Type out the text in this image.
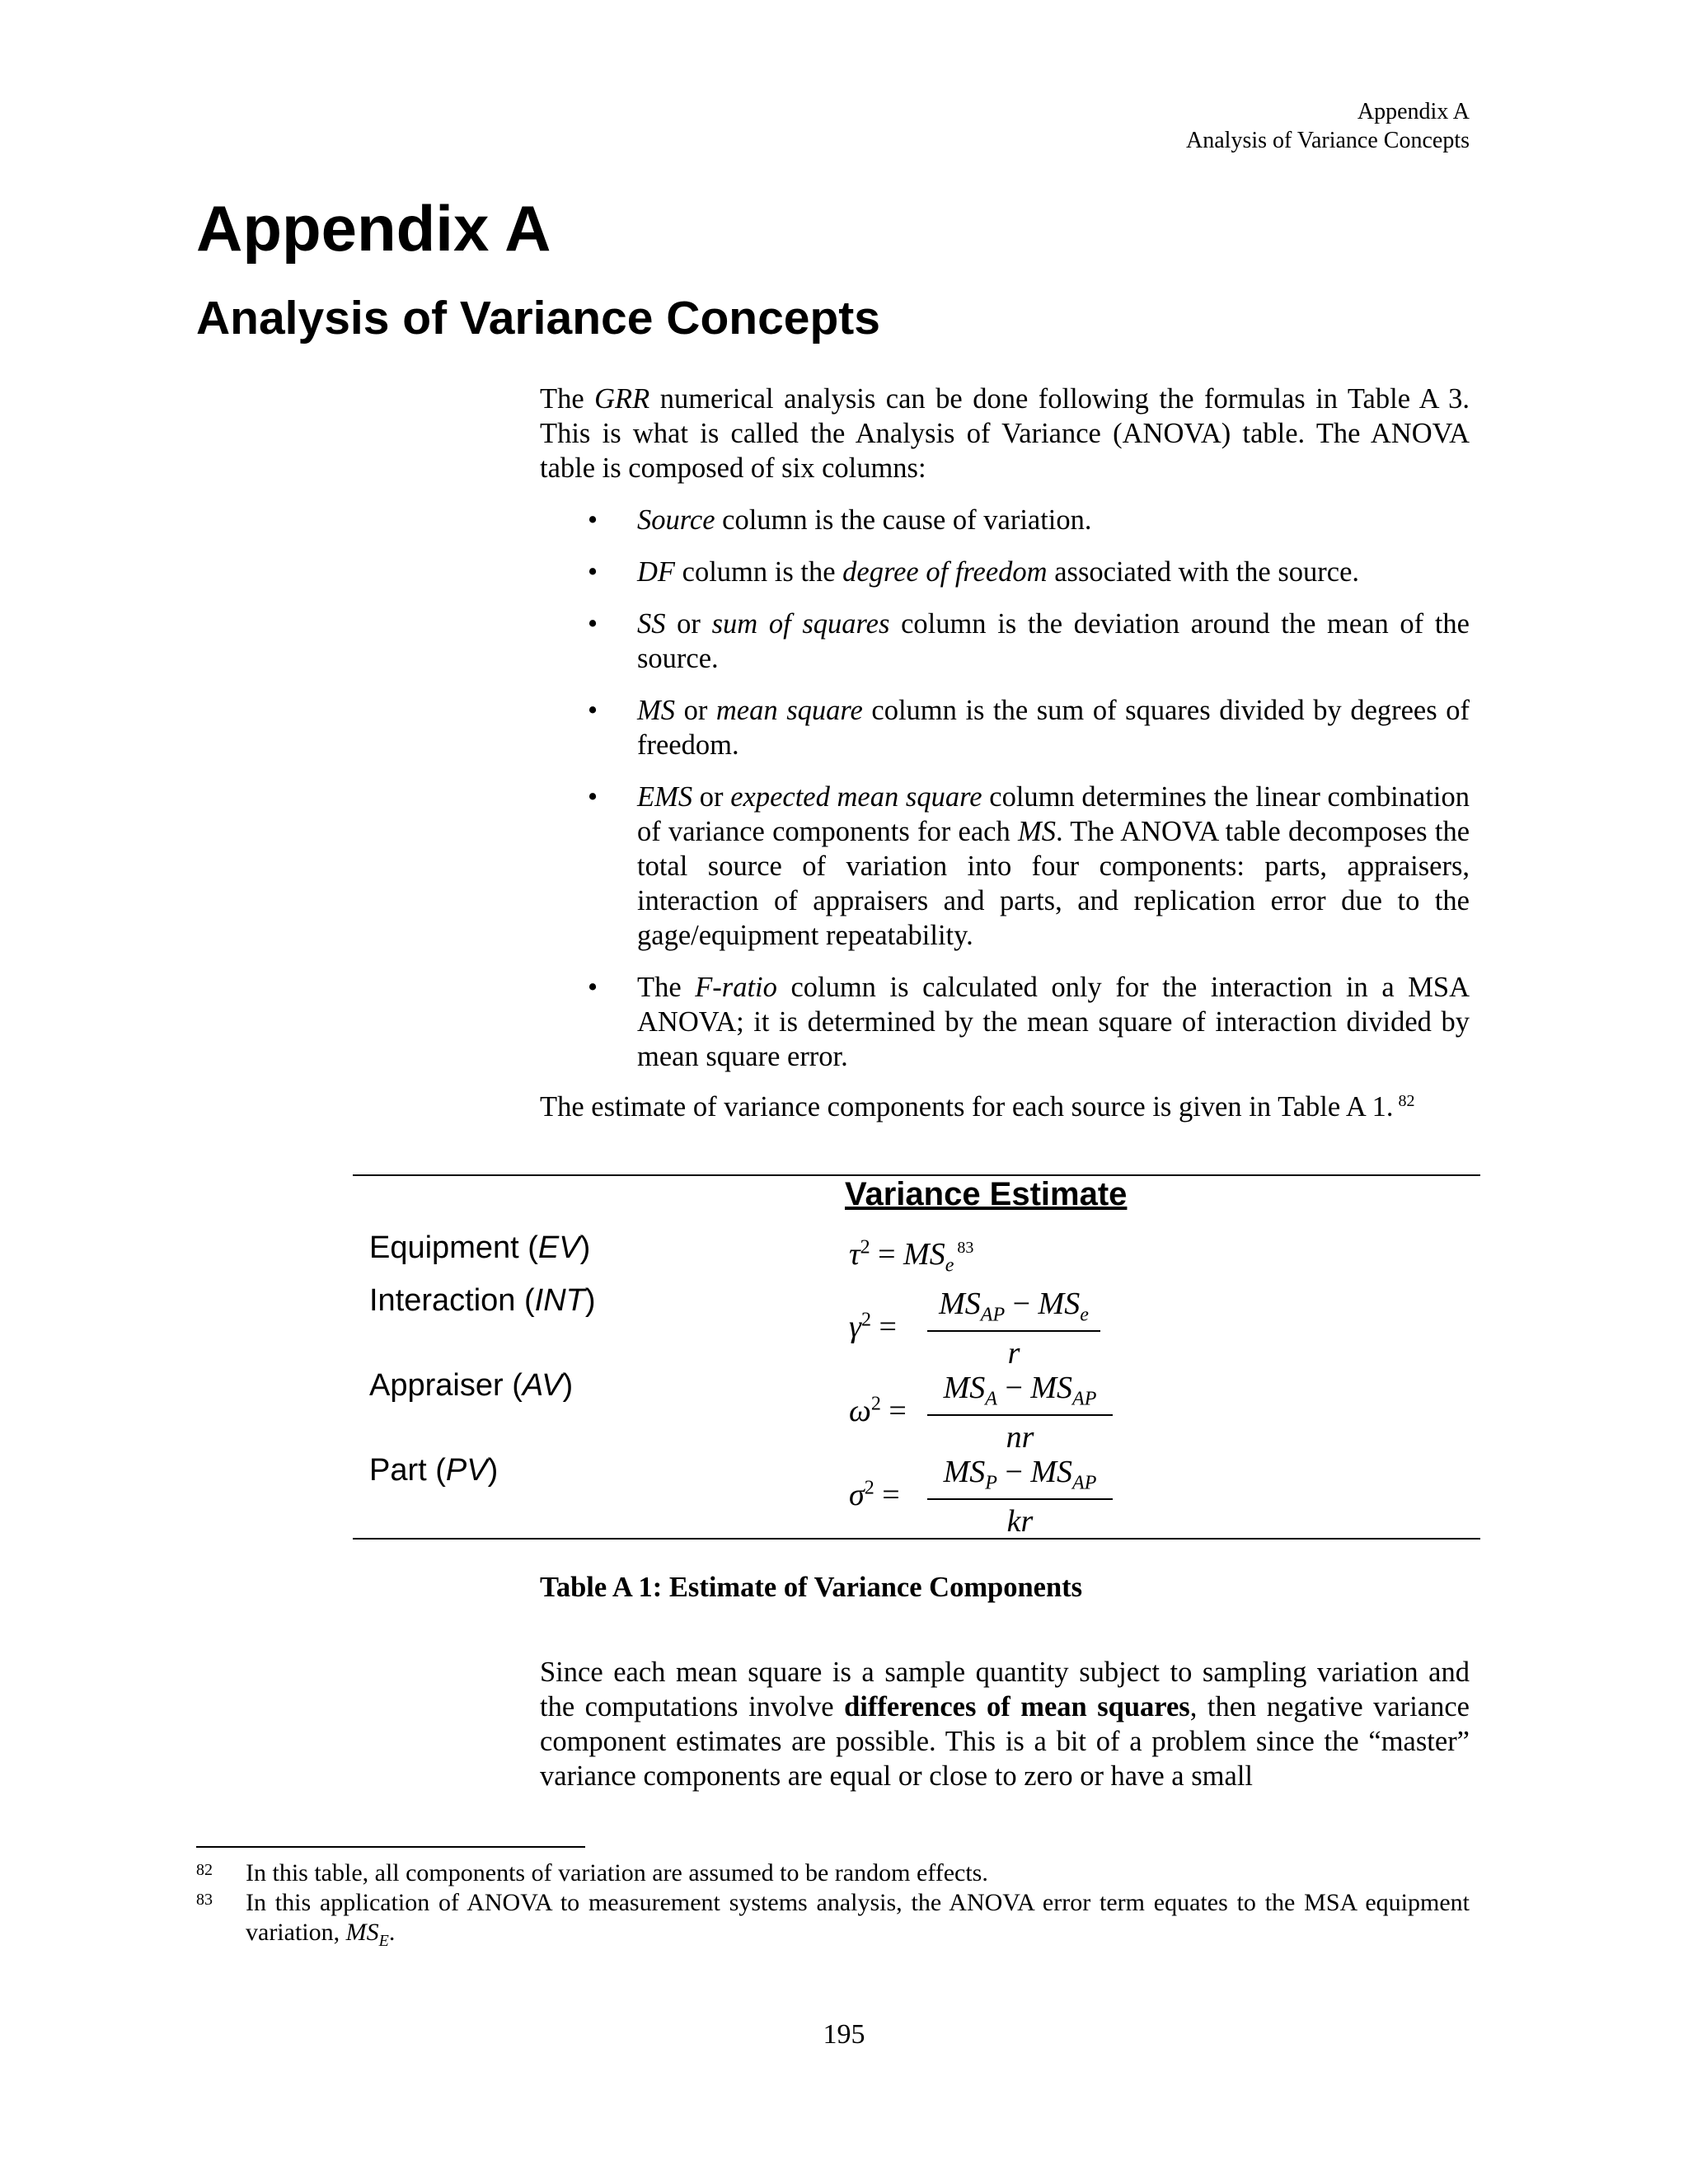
Appendix A
Analysis of Variance Concepts
Appendix A
Analysis of Variance Concepts

The GRR numerical analysis can be done following the formulas in Table A 3. This is what is called the Analysis of Variance (ANOVA) table. The ANOVA table is composed of six columns:

• Source column is the cause of variation.
• DF column is the degree of freedom associated with the source.
• SS or sum of squares column is the deviation around the mean of the source.
• MS or mean square column is the sum of squares divided by degrees of freedom.
• EMS or expected mean square column determines the linear combination of variance components for each MS. The ANOVA table decomposes the total source of variation into four components: parts, appraisers, interaction of appraisers and parts, and replication error due to the gage/equipment repeatability.
• The F-ratio column is calculated only for the interaction in a MSA ANOVA; it is determined by the mean square of interaction divided by mean square error.

The estimate of variance components for each source is given in Table A 1. $^{82}$

Variance Estimate
Equipment (EV)
Interaction (INT)
Appraiser (AV)
Part (PV)
$\tau^2 = MS_e^{83}$
$\gamma^2$ =
$MS_{AP} - MS_e$
r
$\omega^2$ =
$MS_A - MS_{AP}$
nr
$\sigma^2$ =
$MS_P - MS_{AP}$
kr
Table A 1: Estimate of Variance Components

Since each mean square is a sample quantity subject to sampling variation and the computations involve differences of mean squares, then negative variance component estimates are possible. This is a bit of a problem since the “master” variance components are equal or close to zero or have a small

82 In this table, all components of variation are assumed to be random effects.
83 In this application of ANOVA to measurement systems analysis, the ANOVA error term equates to the MSA equipment variation, $MS_E$.
195
